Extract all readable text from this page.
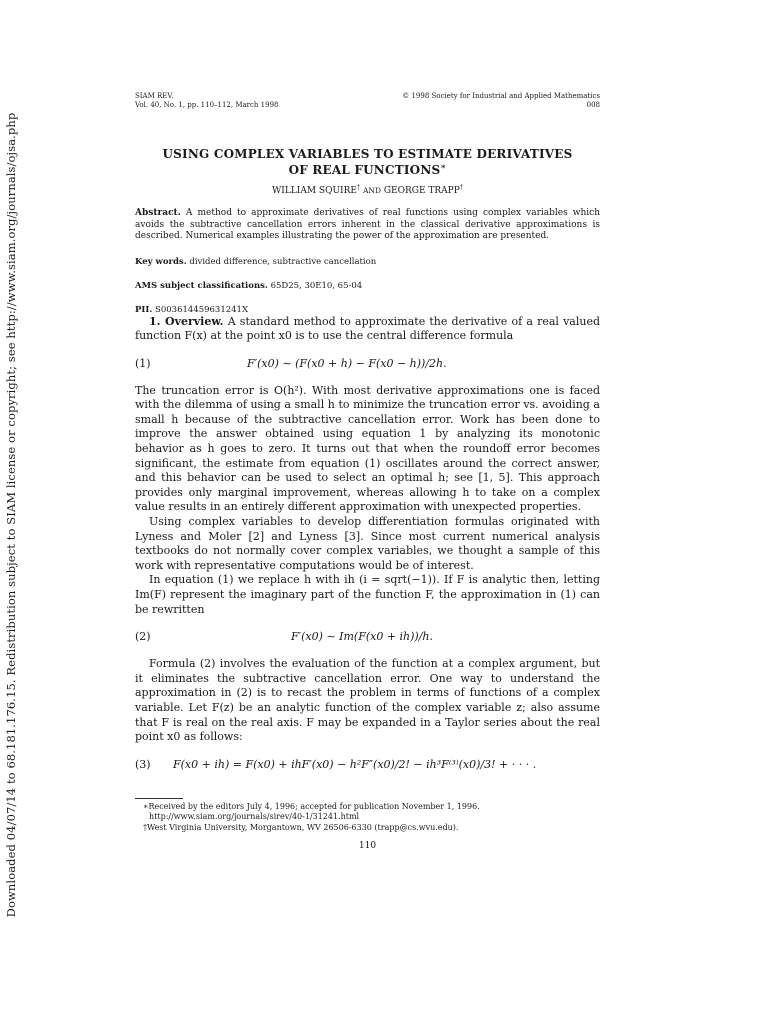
Downloaded 04/07/14 to 68.181.176.15. Redistribution subject to SIAM license or copyright; see http://www.siam.org/journals/ojsa.php
SIAM REV.
Vol. 40, No. 1, pp. 110–112, March 1998
© 1998 Society for Industrial and Applied Mathematics
008
USING COMPLEX VARIABLES TO ESTIMATE DERIVATIVES
OF REAL FUNCTIONS∗
WILLIAM SQUIRE† AND GEORGE TRAPP†
Abstract. A method to approximate derivatives of real functions using complex variables which avoids the subtractive cancellation errors inherent in the classical derivative approximations is described. Numerical examples illustrating the power of the approximation are presented.
Key words. divided difference, subtractive cancellation
AMS subject classifications. 65D25, 30E10, 65-04
PII. S003614459631241X

1. Overview. A standard method to approximate the derivative of a real valued function F(x) at the point x0 is to use the central difference formula

(1)	F′(x0) ∼ (F(x0 + h) − F(x0 − h))/2h.

The truncation error is O(h²). With most derivative approximations one is faced with the dilemma of using a small h to minimize the truncation error vs. avoiding a small h because of the subtractive cancellation error. Work has been done to improve the answer obtained using equation 1 by analyzing its monotonic behavior as h goes to zero. It turns out that when the roundoff error becomes significant, the estimate from equation (1) oscillates around the correct answer, and this behavior can be used to select an optimal h; see [1, 5]. This approach provides only marginal improvement, whereas allowing h to take on a complex value results in an entirely different approximation with unexpected properties.

Using complex variables to develop differentiation formulas originated with Lyness and Moler [2] and Lyness [3]. Since most current numerical analysis textbooks do not normally cover complex variables, we thought a sample of this work with representative computations would be of interest.

In equation (1) we replace h with ih (i = sqrt(−1)). If F is analytic then, letting Im(F) represent the imaginary part of the function F, the approximation in (1) can be rewritten

(2)	F′(x0) ∼ Im(F(x0 + ih))/h.

Formula (2) involves the evaluation of the function at a complex argument, but it eliminates the subtractive cancellation error. One way to understand the approximation in (2) is to recast the problem in terms of functions of a complex variable. Let F(z) be an analytic function of the complex variable z; also assume that F is real on the real axis. F may be expanded in a Taylor series about the real point x0 as follows:

(3)	F(x0 + ih) = F(x0) + ihF′(x0) − h²F″(x0)/2! − ih³F⁽³⁾(x0)/3! + · · · .
∗Received by the editors July 4, 1996; accepted for publication November 1, 1996.
http://www.siam.org/journals/sirev/40-1/31241.html
†West Virginia University, Morgantown, WV 26506-6330 (trapp@cs.wvu.edu).
110
